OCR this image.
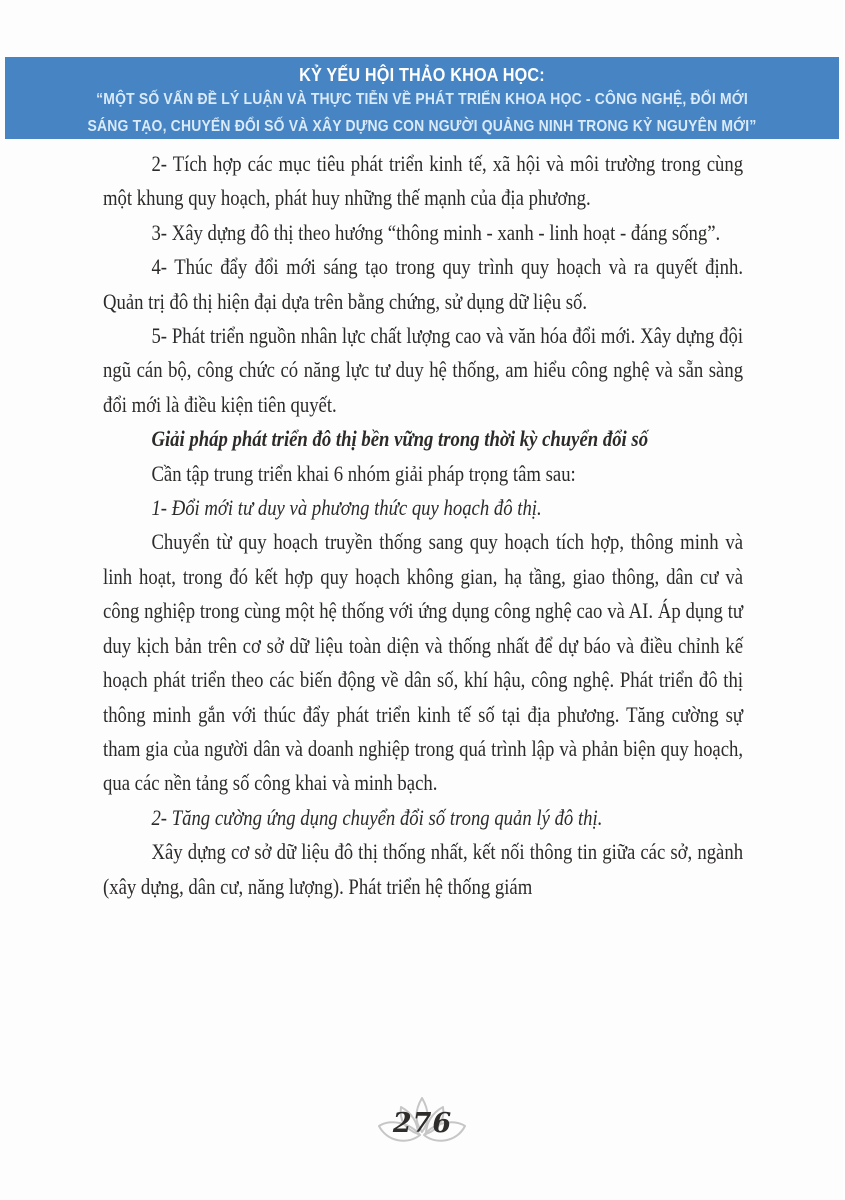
KỶ YẾU HỘI THẢO KHOA HỌC:
“MỘT SỐ VẤN ĐỀ LÝ LUẬN VÀ THỰC TIỄN VỀ PHÁT TRIỂN KHOA HỌC - CÔNG NGHỆ, ĐỔI MỚI
SÁNG TẠO, CHUYỂN ĐỔI SỐ VÀ XÂY DỰNG CON NGƯỜI QUẢNG NINH TRONG KỶ NGUYÊN MỚI”

2- Tích hợp các mục tiêu phát triển kinh tế, xã hội và môi trường trong cùng một khung quy hoạch, phát huy những thế mạnh của địa phương.

3- Xây dựng đô thị theo hướng “thông minh - xanh - linh hoạt - đáng sống”.

4- Thúc đẩy đổi mới sáng tạo trong quy trình quy hoạch và ra quyết định. Quản trị đô thị hiện đại dựa trên bằng chứng, sử dụng dữ liệu số.

5- Phát triển nguồn nhân lực chất lượng cao và văn hóa đổi mới. Xây dựng đội ngũ cán bộ, công chức có năng lực tư duy hệ thống, am hiểu công nghệ và sẵn sàng đổi mới là điều kiện tiên quyết.

Giải pháp phát triển đô thị bền vững trong thời kỳ chuyển đổi số

Cần tập trung triển khai 6 nhóm giải pháp trọng tâm sau:

1- Đổi mới tư duy và phương thức quy hoạch đô thị.

Chuyển từ quy hoạch truyền thống sang quy hoạch tích hợp, thông minh và linh hoạt, trong đó kết hợp quy hoạch không gian, hạ tầng, giao thông, dân cư và công nghiệp trong cùng một hệ thống với ứng dụng công nghệ cao và AI. Áp dụng tư duy kịch bản trên cơ sở dữ liệu toàn diện và thống nhất để dự báo và điều chỉnh kế hoạch phát triển theo các biến động về dân số, khí hậu, công nghệ. Phát triển đô thị thông minh gắn với thúc đẩy phát triển kinh tế số tại địa phương. Tăng cường sự tham gia của người dân và doanh nghiệp trong quá trình lập và phản biện quy hoạch, qua các nền tảng số công khai và minh bạch.

2- Tăng cường ứng dụng chuyển đổi số trong quản lý đô thị.

Xây dựng cơ sở dữ liệu đô thị thống nhất, kết nối thông tin giữa các sở, ngành (xây dựng, dân cư, năng lượng). Phát triển hệ thống giám

276
